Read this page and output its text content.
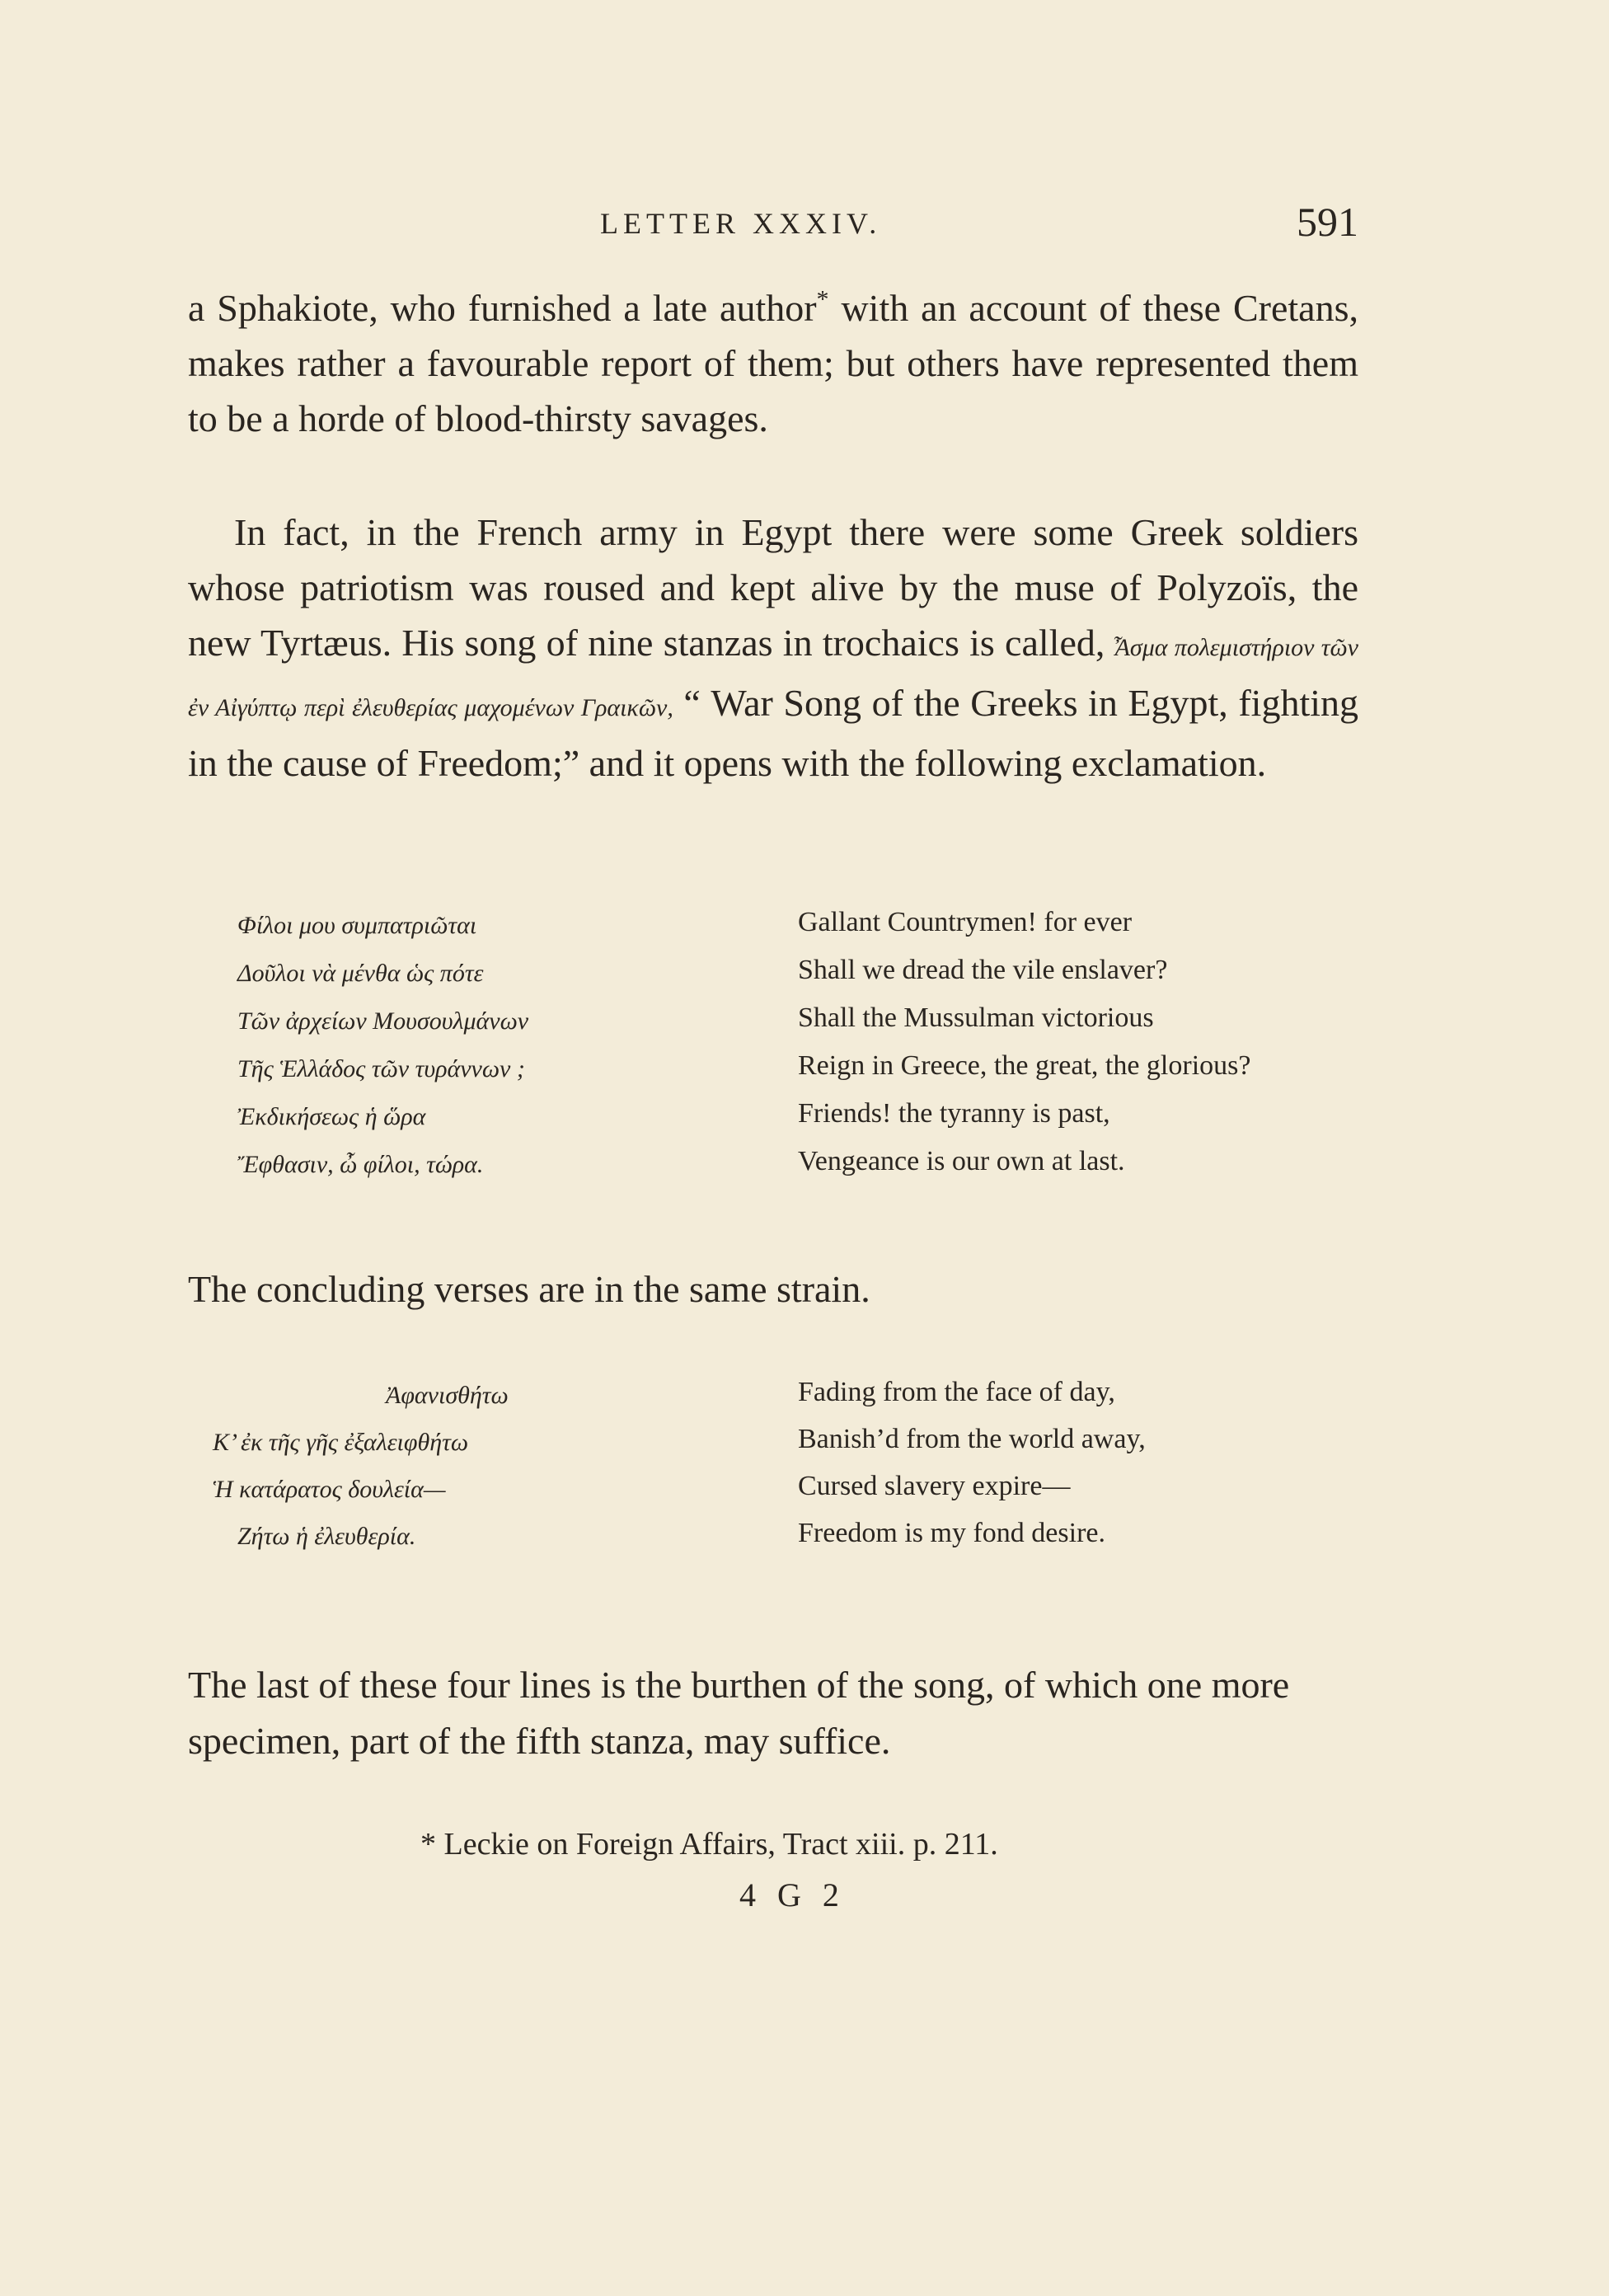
LETTER XXXIV.	591

a Sphakiote, who furnished a late author* with an account of these Cretans, makes rather a favourable report of them; but others have represented them to be a horde of blood-thirsty savages.

In fact, in the French army in Egypt there were some Greek soldiers whose patriotism was roused and kept alive by the muse of Polyzoïs, the new Tyrtæus. His song of nine stanzas in trochaics is called, Ἆσμα πολεμιστήριον τῶν ἐν Αἰγύπτῳ περὶ ἐλευθερίας μαχομένων Γραικῶν, “ War Song of the Greeks in Egypt, fighting in the cause of Freedom;” and it opens with the following exclamation.

Φίλοι μου συμπατριῶται	Gallant Countrymen! for ever
Δοῦλοι νὰ μένθα ὡς πότε	Shall we dread the vile enslaver?
Τῶν ἀρχείων Μουσουλμάνων	Shall the Mussulman victorious
Τῆς Ἑλλάδος τῶν τυράννων ;	Reign in Greece, the great, the glorious?
Ἐκδικήσεως ἡ ὥρα	Friends! the tyranny is past,
Ἔφθασιν, ὦ φίλοι, τώρα.	Vengeance is our own at last.

The concluding verses are in the same strain.

Ἀφανισθήτω	Fading from the face of day,
Κ’ ἐκ τῆς γῆς ἐξαλειφθήτω	Banish’d from the world away,
Ἡ κατάρατος δουλεία—	Cursed slavery expire—
Ζήτω ἡ ἐλευθερία.	Freedom is my fond desire.

The last of these four lines is the burthen of the song, of which one more specimen, part of the fifth stanza, may suffice.

* Leckie on Foreign Affairs, Tract xiii. p. 211.
4 G 2
